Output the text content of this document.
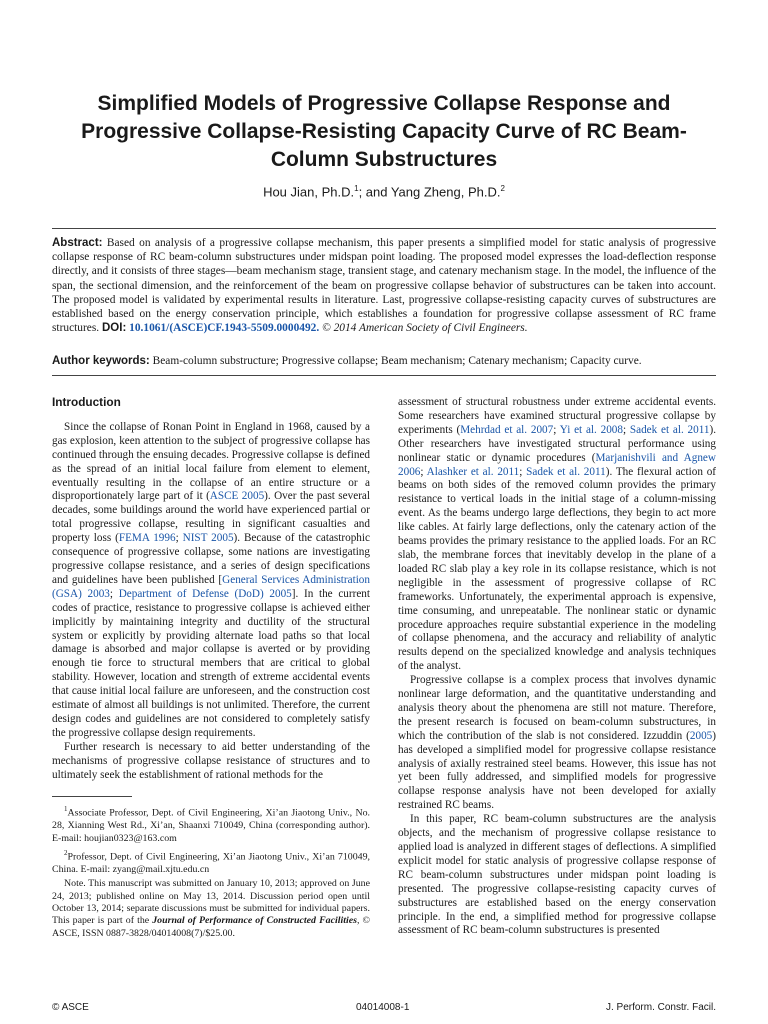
Simplified Models of Progressive Collapse Response and Progressive Collapse-Resisting Capacity Curve of RC Beam-Column Substructures
Hou Jian, Ph.D.$^1$; and Yang Zheng, Ph.D.$^2$
Abstract: Based on analysis of a progressive collapse mechanism, this paper presents a simplified model for static analysis of progressive collapse response of RC beam-column substructures under midspan point loading. The proposed model expresses the load-deflection response directly, and it consists of three stages—beam mechanism stage, transient stage, and catenary mechanism stage. In the model, the influence of the span, the sectional dimension, and the reinforcement of the beam on progressive collapse behavior of substructures can be taken into account. The proposed model is validated by experimental results in literature. Last, progressive collapse-resisting capacity curves of substructures are established based on the energy conservation principle, which establishes a foundation for progressive collapse assessment of RC frame structures. DOI: 10.1061/(ASCE)CF.1943-5509.0000492. © 2014 American Society of Civil Engineers.
Author keywords: Beam-column substructure; Progressive collapse; Beam mechanism; Catenary mechanism; Capacity curve.

Introduction

Since the collapse of Ronan Point in England in 1968, caused by a gas explosion, keen attention to the subject of progressive collapse has continued through the ensuing decades. Progressive collapse is defined as the spread of an initial local failure from element to element, eventually resulting in the collapse of an entire structure or a disproportionately large part of it (ASCE 2005). Over the past several decades, some buildings around the world have experienced partial or total progressive collapse, resulting in significant casualties and property loss (FEMA 1996; NIST 2005). Because of the catastrophic consequence of progressive collapse, some nations are investigating progressive collapse resistance, and a series of design specifications and guidelines have been published [General Services Administration (GSA) 2003; Department of Defense (DoD) 2005]. In the current codes of practice, resistance to progressive collapse is achieved either implicitly by maintaining integrity and ductility of the structural system or explicitly by providing alternate load paths so that local damage is absorbed and major collapse is averted or by providing enough tie force to structural members that are critical to global stability. However, location and strength of extreme accidental events that cause initial local failure are unforeseen, and the construction cost estimate of almost all buildings is not unlimited. Therefore, the current design codes and guidelines are not considered to completely satisfy the progressive collapse design requirements.

Further research is necessary to aid better understanding of the mechanisms of progressive collapse resistance of structures and to ultimately seek the establishment of rational methods for the

$^1$Associate Professor, Dept. of Civil Engineering, Xi’an Jiaotong Univ., No. 28, Xianning West Rd., Xi’an, Shaanxi 710049, China (corresponding author). E-mail: houjian0323@163.com

$^2$Professor, Dept. of Civil Engineering, Xi’an Jiaotong Univ., Xi’an 710049, China. E-mail: zyang@mail.xjtu.edu.cn

Note. This manuscript was submitted on January 10, 2013; approved on June 24, 2013; published online on May 13, 2014. Discussion period open until October 13, 2014; separate discussions must be submitted for individual papers. This paper is part of the Journal of Performance of Constructed Facilities, © ASCE, ISSN 0887-3828/04014008(7)/$25.00.

assessment of structural robustness under extreme accidental events. Some researchers have examined structural progressive collapse by experiments (Mehrdad et al. 2007; Yi et al. 2008; Sadek et al. 2011). Other researchers have investigated structural performance using nonlinear static or dynamic procedures (Marjanishvili and Agnew 2006; Alashker et al. 2011; Sadek et al. 2011). The flexural action of beams on both sides of the removed column provides the primary resistance to vertical loads in the initial stage of a column-missing event. As the beams undergo large deflections, they begin to act more like cables. At fairly large deflections, only the catenary action of the beams provides the primary resistance to the applied loads. For an RC slab, the membrane forces that inevitably develop in the plane of a loaded RC slab play a key role in its collapse resistance, which is not negligible in the assessment of progressive collapse of RC frameworks. Unfortunately, the experimental approach is expensive, time consuming, and unrepeatable. The nonlinear static or dynamic procedure approaches require substantial experience in the modeling of collapse phenomena, and the accuracy and reliability of analytic results depend on the specialized knowledge and analysis techniques of the analyst.

Progressive collapse is a complex process that involves dynamic nonlinear large deformation, and the quantitative understanding and analysis theory about the phenomena are still not mature. Therefore, the present research is focused on beam-column substructures, in which the contribution of the slab is not considered. Izzuddin (2005) has developed a simplified model for progressive collapse resistance analysis of axially restrained steel beams. However, this issue has not yet been fully addressed, and simplified models for progressive collapse response analysis have not been developed for axially restrained RC beams.

In this paper, RC beam-column substructures are the analysis objects, and the mechanism of progressive collapse resistance to applied load is analyzed in different stages of deflections. A simplified explicit model for static analysis of progressive collapse response of RC beam-column substructures under midspan point loading is presented. The progressive collapse-resisting capacity curves of substructures are established based on the energy conservation principle. In the end, a simplified method for progressive collapse assessment of RC beam-column substructures is presented

© ASCE	04014008-1	J. Perform. Constr. Facil.
